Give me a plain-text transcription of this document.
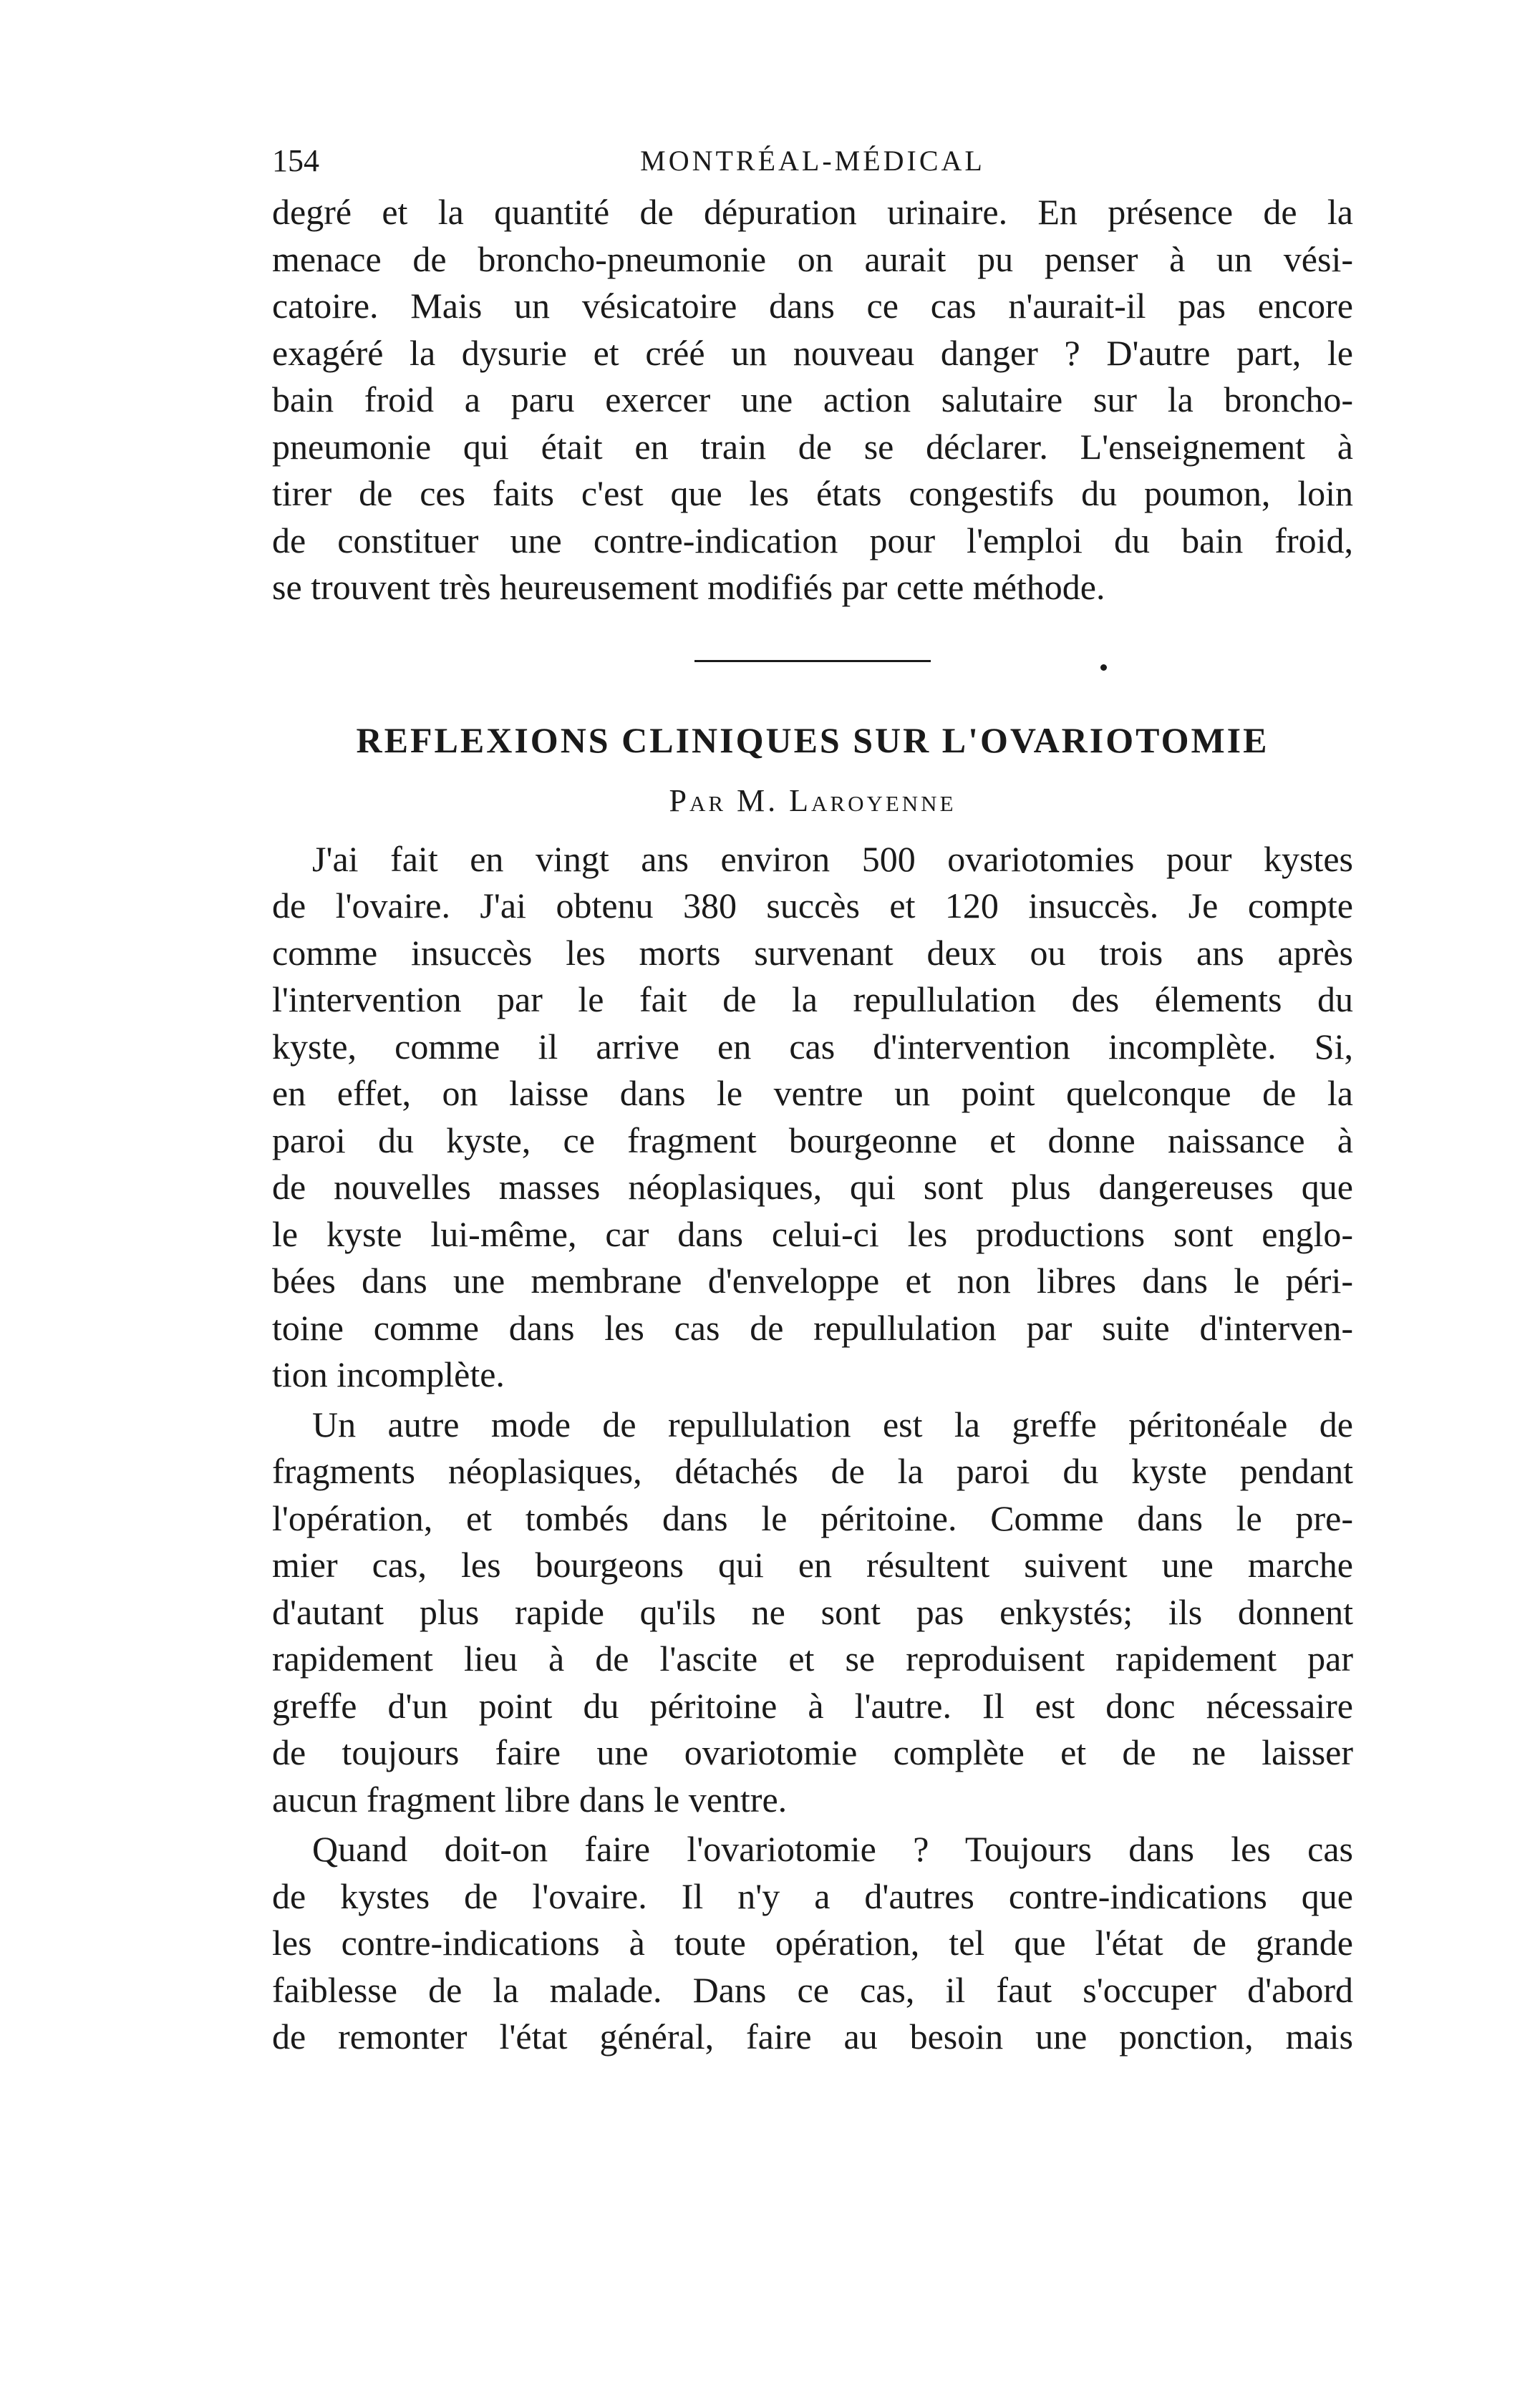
154	MONTRÉAL-MÉDICAL
degré et la quantité de dépuration urinaire. En présence de la
menace de broncho-pneumonie on aurait pu penser à un vési-
catoire. Mais un vésicatoire dans ce cas n'aurait-il pas encore
exagéré la dysurie et créé un nouveau danger ? D'autre part, le
bain froid a paru exercer une action salutaire sur la broncho-
pneumonie qui était en train de se déclarer. L'enseignement à
tirer de ces faits c'est que les états congestifs du poumon, loin
de constituer une contre-indication pour l'emploi du bain froid,
se trouvent très heureusement modifiés par cette méthode.
REFLEXIONS CLINIQUES SUR L'OVARIOTOMIE
Par M. Laroyenne
J'ai fait en vingt ans environ 500 ovariotomies pour kystes
de l'ovaire. J'ai obtenu 380 succès et 120 insuccès. Je compte
comme insuccès les morts survenant deux ou trois ans après
l'intervention par le fait de la repullulation des élements du
kyste, comme il arrive en cas d'intervention incomplète. Si,
en effet, on laisse dans le ventre un point quelconque de la
paroi du kyste, ce fragment bourgeonne et donne naissance à
de nouvelles masses néoplasiques, qui sont plus dangereuses que
le kyste lui-même, car dans celui-ci les productions sont englo-
bées dans une membrane d'enveloppe et non libres dans le péri-
toine comme dans les cas de repullulation par suite d'interven-
tion incomplète.
Un autre mode de repullulation est la greffe péritonéale de
fragments néoplasiques, détachés de la paroi du kyste pendant
l'opération, et tombés dans le péritoine. Comme dans le pre-
mier cas, les bourgeons qui en résultent suivent une marche
d'autant plus rapide qu'ils ne sont pas enkystés; ils donnent
rapidement lieu à de l'ascite et se reproduisent rapidement par
greffe d'un point du péritoine à l'autre. Il est donc nécessaire
de toujours faire une ovariotomie complète et de ne laisser
aucun fragment libre dans le ventre.
Quand doit-on faire l'ovariotomie ? Toujours dans les cas
de kystes de l'ovaire. Il n'y a d'autres contre-indications que
les contre-indications à toute opération, tel que l'état de grande
faiblesse de la malade. Dans ce cas, il faut s'occuper d'abord
de remonter l'état général, faire au besoin une ponction, mais
